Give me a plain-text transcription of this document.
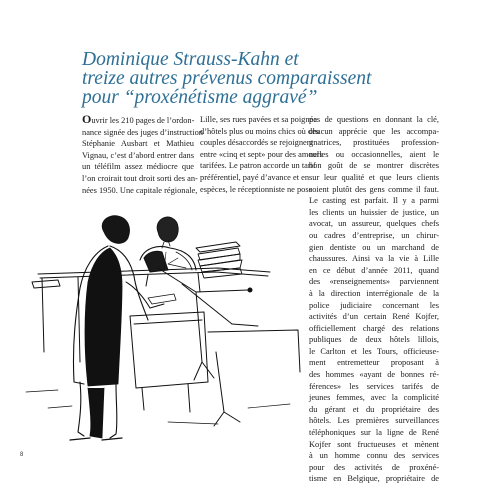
Dominique Strauss-Kahn et
treize autres prévenus comparaissent
pour “proxénétisme aggravé”
Ouvrir les 210 pages de l’ordon-
nance signée des juges d’instruction
Stéphanie Ausbart et Mathieu
Vignau, c’est d’abord entrer dans
un téléfilm assez médiocre que
l’on croirait tout droit sorti des an-
nées 1950. Une capitale régionale,
Lille, ses rues pavées et sa poignée
d’hôtels plus ou moins chics où des
couples désaccordés se rejoignent
entre «cinq et sept» pour des amours
tarifées. Le patron accorde un tarif
préférentiel, payé d’avance et en
espèces, le réceptionniste ne pose
pas de questions en donnant la clé,
chacun apprécie que les accompa-
gnatrices, prostituées profession-
nelles ou occasionnelles, aient le
bon goût de se montrer discrètes
sur leur qualité et que leurs clients
soient plutôt des gens comme il faut.
Le casting est parfait. Il y a parmi
les clients un huissier de justice, un
avocat, un assureur, quelques chefs
ou cadres d’entreprise, un chirur-
gien dentiste ou un marchand de
chaussures. Ainsi va la vie à Lille
en ce début d’année 2011, quand
des «renseignements» parviennent
à la direction interrégionale de la
police judiciaire concernant les
activités d’un certain René Kojfer,
officiellement chargé des relations
publiques de deux hôtels lillois,
le Carlton et les Tours, officieuse-
ment entremetteur proposant à
des hommes «ayant de bonnes ré-
férences» les services tarifés de
jeunes femmes, avec la complicité
du gérant et du propriétaire des
hôtels. Les premières surveillances
téléphoniques sur la ligne de René
Kojfer sont fructueuses et mènent
à un homme connu des services
pour des activités de proxéné-
tisme en Belgique, propriétaire de
8
